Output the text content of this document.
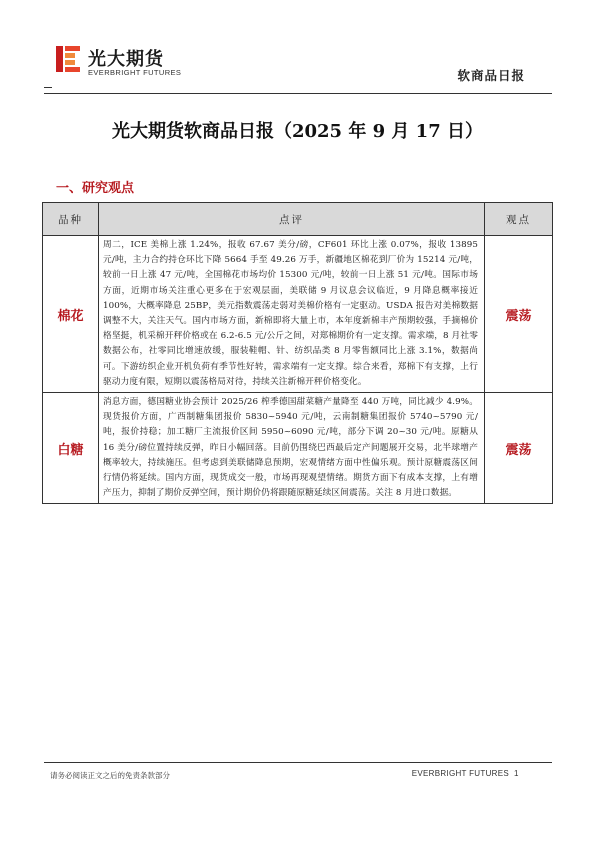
光大期货
EVERBRIGHT FUTURES	软商品日报
光大期货软商品日报（2025 年 9 月 17 日）
一、研究观点
品种	点评	观点
棉花	周二，ICE 美棉上涨 1.24%，报收 67.67 美分/磅，CF601 环比上涨 0.07%，报收 13895 元/吨，主力合约持仓环比下降 5664 手至 49.26 万手，新疆地区棉花到厂价为 15214 元/吨，较前一日上涨 47 元/吨，全国棉花市场均价 15300 元/吨，较前一日上涨 51 元/吨。国际市场方面，近期市场关注重心更多在于宏观层面，美联储 9 月议息会议临近，9 月降息概率接近 100%，大概率降息 25BP，美元指数震荡走弱对美棉价格有一定驱动。USDA 报告对美棉数据调整不大，关注天气。国内市场方面，新棉即将大量上市，本年度新棉丰产预期较强，手摘棉价格坚挺，机采棉开秤价格或在 6.2-6.5 元/公斤之间，对郑棉期价有一定支撑。需求端，8 月社零数据公布，社零同比增速放缓，服装鞋帽、针、纺织品类 8 月零售额同比上涨 3.1%，数据尚可。下游纺织企业开机负荷有季节性好转，需求端有一定支撑。综合来看，郑棉下有支撑，上行驱动力度有限，短期以震荡格局对待，持续关注新棉开秤价格变化。	震荡
白糖	消息方面，德国糖业协会预计 2025/26 榨季德国甜菜糖产量降至 440 万吨，同比减少 4.9%。现货报价方面，广西制糖集团报价 5830~5940 元/吨，云南制糖集团报价 5740~5790 元/吨，报价持稳；加工糖厂主流报价区间 5950~6090 元/吨，部分下调 20~30 元/吨。原糖从 16 美分/磅位置持续反弹，昨日小幅回落。目前仍围绕巴西最后定产间题展开交易，北半球增产概率较大，持续施压。但考虑到美联储降息预期，宏观情绪方面中性偏乐观。预计原糖震荡区间行情仍将延续。国内方面，现货成交一般，市场再现观望情绪。期货方面下有成本支撑，上有增产压力，抑制了期价反弹空间，预计期价仍将跟随原糖延续区间震荡。关注 8 月进口数据。	震荡
请务必阅读正文之后的免责条款部分	EVERBRIGHT FUTURES 1
